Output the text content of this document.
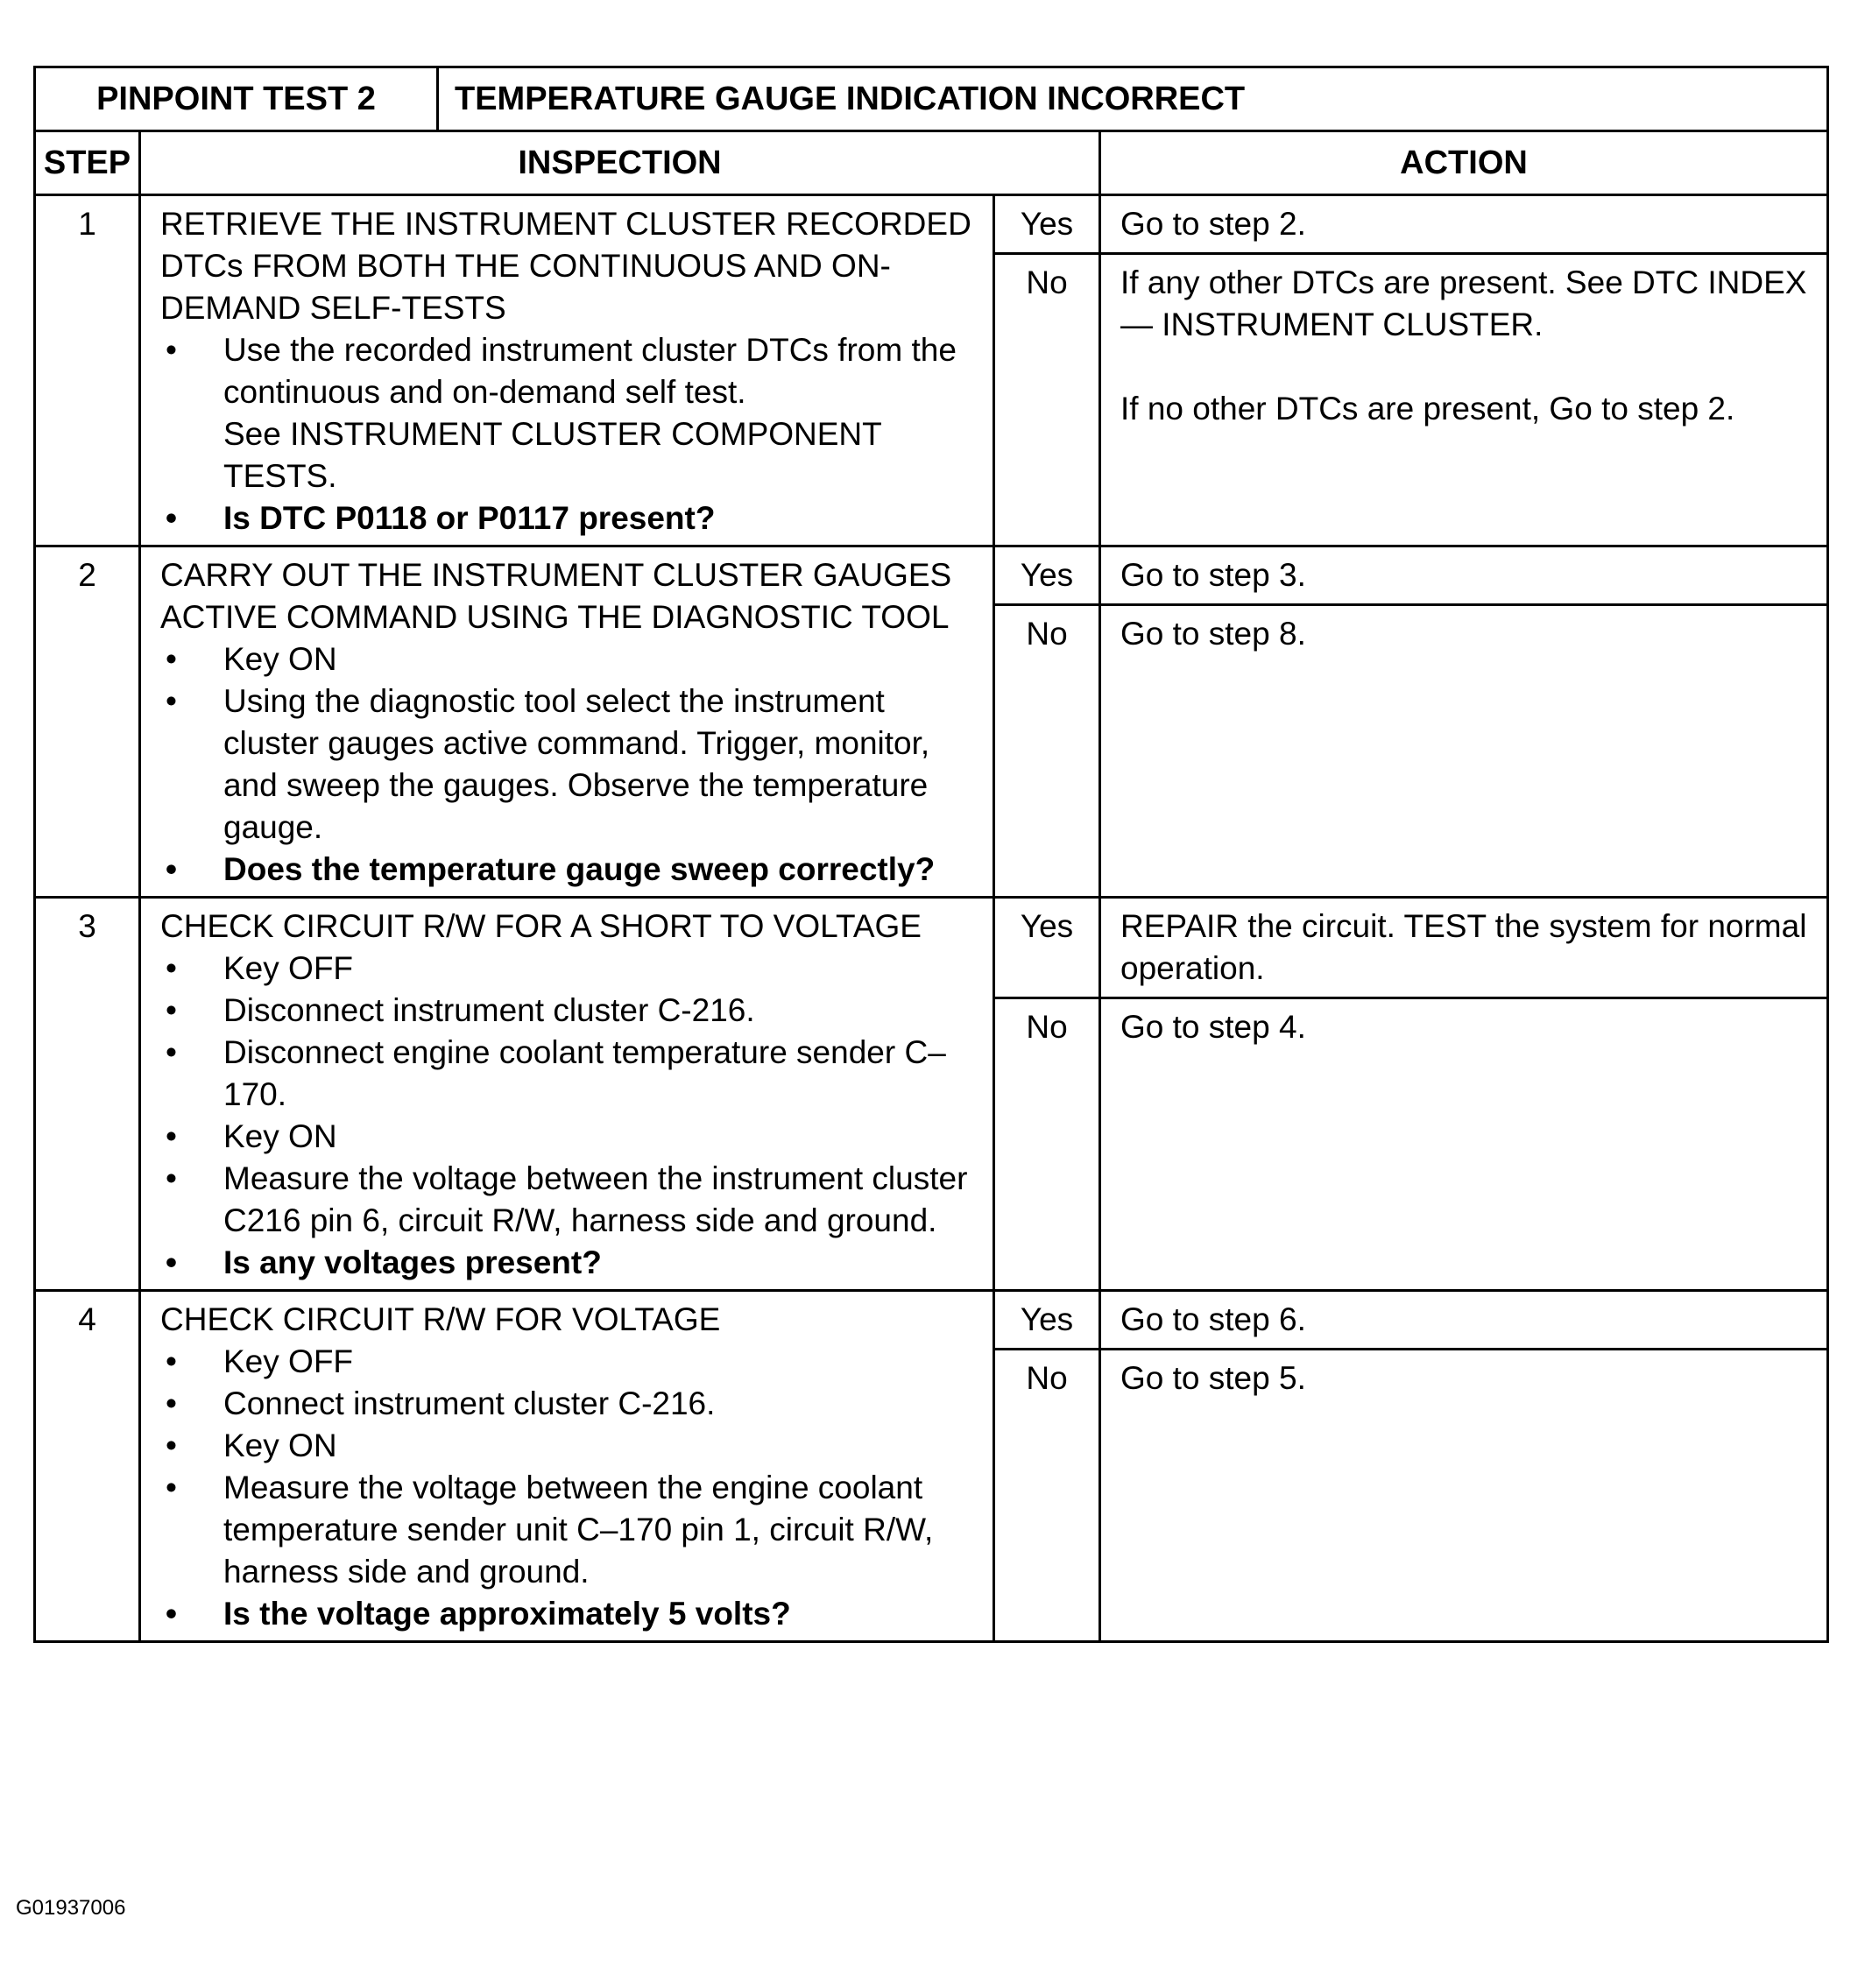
PINPOINT TEST 2	TEMPERATURE GAUGE INDICATION INCORRECT
STEP	INSPECTION	ACTION
1	RETRIEVE THE INSTRUMENT CLUSTER RECORDED DTCs FROM BOTH THE CONTINUOUS AND ON-DEMAND SELF-TESTS

• Use the recorded instrument cluster DTCs from the continuous and on-demand self test.
See INSTRUMENT CLUSTER COMPONENT TESTS.
• Is DTC P0118 or P0117 present?
Yes	Go to step 2.

No	If any other DTCs are present. See DTC INDEX — INSTRUMENT CLUSTER.

If no other DTCs are present, Go to step 2.

2	CARRY OUT THE INSTRUMENT CLUSTER GAUGES ACTIVE COMMAND USING THE DIAGNOSTIC TOOL

• Key ON
• Using the diagnostic tool select the instrument cluster gauges active command. Trigger, monitor, and sweep the gauges. Observe the temperature gauge.
• Does the temperature gauge sweep correctly?
Yes	Go to step 3.

No	Go to step 8.

3	CHECK CIRCUIT R/W FOR A SHORT TO VOLTAGE

• Key OFF
• Disconnect instrument cluster C-216.
• Disconnect engine coolant temperature sender C–170.
• Key ON
• Measure the voltage between the instrument cluster C216 pin 6, circuit R/W, harness side and ground.
• Is any voltages present?
Yes	REPAIR the circuit. TEST the system for normal operation.

No	Go to step 4.

4	CHECK CIRCUIT R/W FOR VOLTAGE

• Key OFF
• Connect instrument cluster C-216.
• Key ON
• Measure the voltage between the engine coolant temperature sender unit C–170 pin 1, circuit R/W, harness side and ground.
• Is the voltage approximately 5 volts?
Yes	Go to step 6.

No	Go to step 5.

G01937006
